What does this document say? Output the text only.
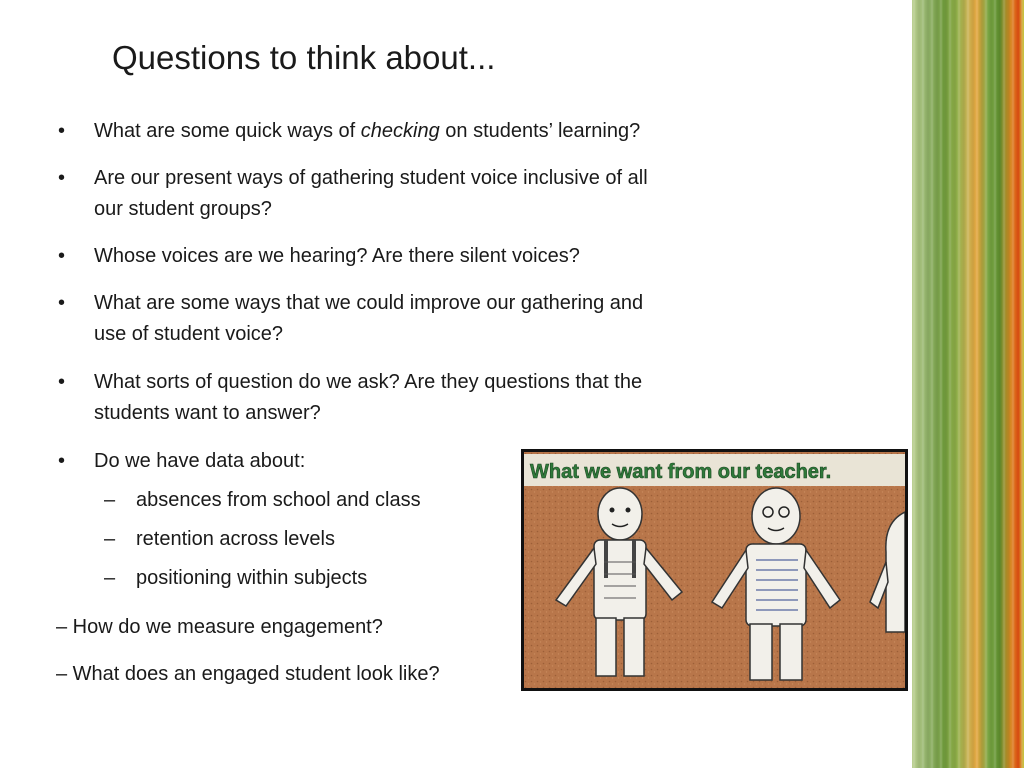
Questions to think about...
• What are some quick ways of checking on students’ learning?
• Are our present ways of gathering student voice inclusive of all
our student groups?
• Whose voices are we hearing? Are there silent voices?
• What are some ways that we could improve our gathering and
use of student voice?
• What sorts of question do we ask? Are they questions that the
students want to answer?
• Do we have data about:
– absences from school and class
– retention across levels
– positioning within subjects
– How do we measure engagement?
– What does an engaged student look like?
What we want from our teacher.
